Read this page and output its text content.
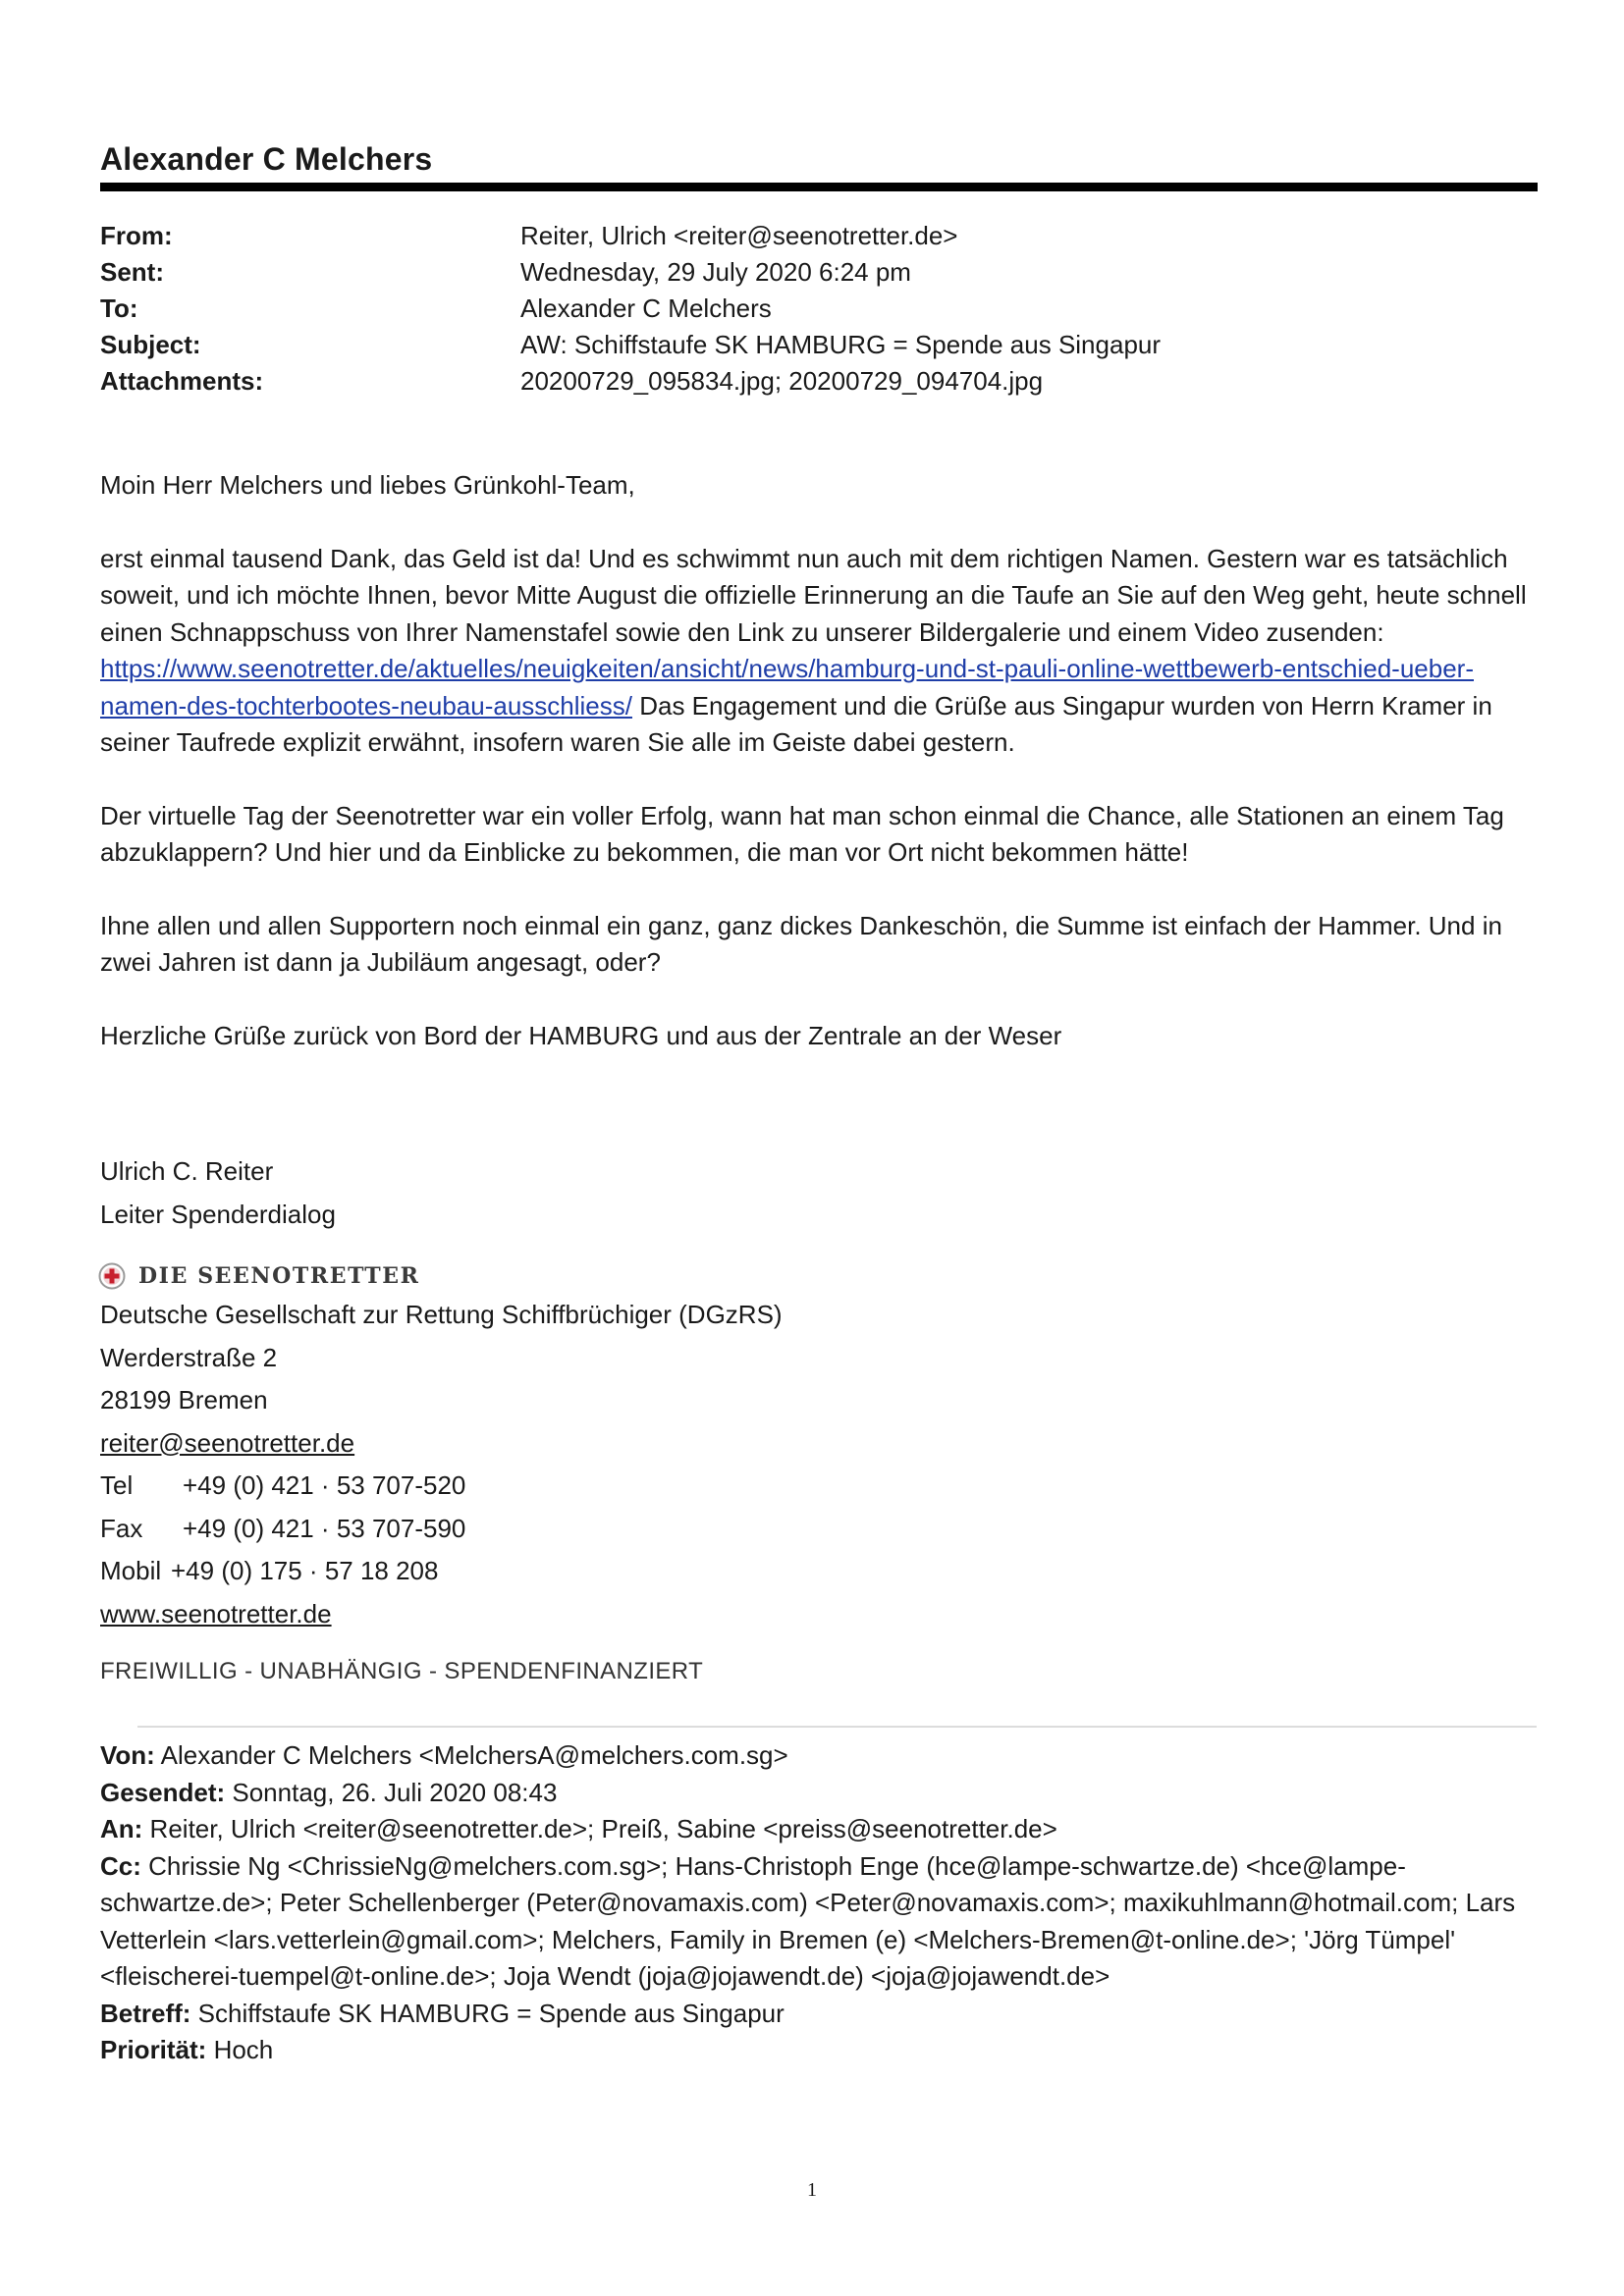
Alexander C Melchers
From:	Reiter, Ulrich <reiter@seenotretter.de>
Sent:	Wednesday, 29 July 2020 6:24 pm
To:	Alexander C Melchers
Subject:	AW: Schiffstaufe SK HAMBURG = Spende aus Singapur
Attachments:	20200729_095834.jpg; 20200729_094704.jpg

Moin Herr Melchers und liebes Grünkohl-Team,

erst einmal tausend Dank, das Geld ist da! Und es schwimmt nun auch mit dem richtigen Namen. Gestern war es tatsächlich soweit, und ich möchte Ihnen, bevor Mitte August die offizielle Erinnerung an die Taufe an Sie auf den Weg geht, heute schnell einen Schnappschuss von Ihrer Namenstafel sowie den Link zu unserer Bildergalerie und einem Video zusenden: https://www.seenotretter.de/aktuelles/neuigkeiten/ansicht/news/hamburg-und-st-pauli-online-wettbewerb-entschied-ueber-namen-des-tochterbootes-neubau-ausschliess/ Das Engagement und die Grüße aus Singapur wurden von Herrn Kramer in seiner Taufrede explizit erwähnt, insofern waren Sie alle im Geiste dabei gestern.

Der virtuelle Tag der Seenotretter war ein voller Erfolg, wann hat man schon einmal die Chance, alle Stationen an einem Tag abzuklappern? Und hier und da Einblicke zu bekommen, die man vor Ort nicht bekommen hätte!

Ihne allen und allen Supportern noch einmal ein ganz, ganz dickes Dankeschön, die Summe ist einfach der Hammer. Und in zwei Jahren ist dann ja Jubiläum angesagt, oder?

Herzliche Grüße zurück von Bord der HAMBURG und aus der Zentrale an der Weser

Ulrich C. Reiter
Leiter Spenderdialog
DIE SEENOTRETTER
Deutsche Gesellschaft zur Rettung Schiffbrüchiger (DGzRS)
Werderstraße 2
28199 Bremen
reiter@seenotretter.de
Tel	+49 (0) 421 · 53 707-520
Fax	+49 (0) 421 · 53 707-590
Mobil +49 (0) 175 · 57 18 208
www.seenotretter.de
FREIWILLIG - UNABHÄNGIG - SPENDENFINANZIERT

Von: Alexander C Melchers <MelchersA@melchers.com.sg>

Gesendet: Sonntag, 26. Juli 2020 08:43

An: Reiter, Ulrich <reiter@seenotretter.de>; Preiß, Sabine <preiss@seenotretter.de>

Cc: Chrissie Ng <ChrissieNg@melchers.com.sg>; Hans-Christoph Enge (hce@lampe-schwartze.de) <hce@lampe-schwartze.de>; Peter Schellenberger (Peter@novamaxis.com) <Peter@novamaxis.com>; maxikuhlmann@hotmail.com; Lars Vetterlein <lars.vetterlein@gmail.com>; Melchers, Family in Bremen (e) <Melchers-Bremen@t-online.de>; 'Jörg Tümpel' <fleischerei-tuempel@t-online.de>; Joja Wendt (joja@jojawendt.de) <joja@jojawendt.de>

Betreff: Schiffstaufe SK HAMBURG = Spende aus Singapur

Priorität: Hoch

1
